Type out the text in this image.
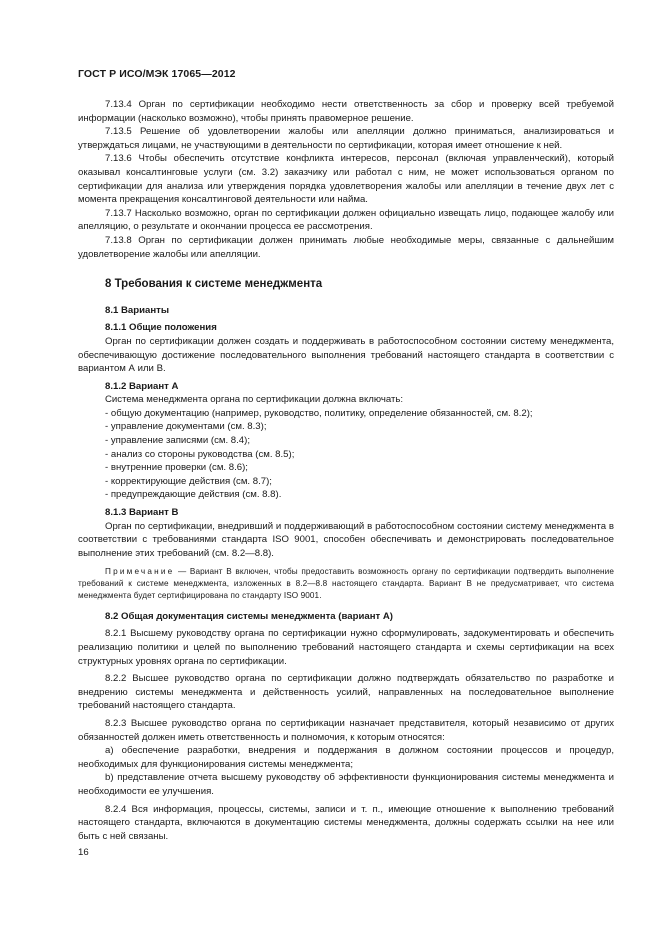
ГОСТ Р ИСО/МЭК 17065—2012

7.13.4 Орган по сертификации необходимо нести ответственность за сбор и проверку всей требуемой информации (насколько возможно), чтобы принять правомерное решение.

7.13.5 Решение об удовлетворении жалобы или апелляции должно приниматься, анализироваться и утверждаться лицами, не участвующими в деятельности по сертификации, которая имеет отношение к ней.

7.13.6 Чтобы обеспечить отсутствие конфликта интересов, персонал (включая управленческий), который оказывал консалтинговые услуги (см. 3.2) заказчику или работал с ним, не может использоваться органом по сертификации для анализа или утверждения порядка удовлетворения жалобы или апелляции в течение двух лет с момента прекращения консалтинговой деятельности или найма.

7.13.7 Насколько возможно, орган по сертификации должен официально извещать лицо, подающее жалобу или апелляцию, о результате и окончании процесса ее рассмотрения.

7.13.8 Орган по сертификации должен принимать любые необходимые меры, связанные с дальнейшим удовлетворение жалобы или апелляции.

8 Требования к системе менеджмента

8.1 Варианты

8.1.1 Общие положения

Орган по сертификации должен создать и поддерживать в работоспособном состоянии систему менеджмента, обеспечивающую достижение последовательного выполнения требований настоящего стандарта в соответствии с вариантом А или В.

8.1.2 Вариант А

Система менеджмента органа по сертификации должна включать:

- общую документацию (например, руководство, политику, определение обязанностей, см. 8.2);

- управление документами (см. 8.3);

- управление записями (см. 8.4);

- анализ со стороны руководства (см. 8.5);

- внутренние проверки (см. 8.6);

- корректирующие действия (см. 8.7);

- предупреждающие действия (см. 8.8).

8.1.3 Вариант В

Орган по сертификации, внедривший и поддерживающий в работоспособном состоянии систему менеджмента в соответствии с требованиями стандарта ISO 9001, способен обеспечивать и демонстрировать последовательное выполнение этих требований (см. 8.2—8.8).

Примечание — Вариант В включен, чтобы предоставить возможность органу по сертификации подтвердить выполнение требований к системе менеджмента, изложенных в 8.2—8.8 настоящего стандарта. Вариант В не предусматривает, что система менеджмента будет сертифицирована по стандарту ISO 9001.

8.2 Общая документация системы менеджмента (вариант А)

8.2.1 Высшему руководству органа по сертификации нужно сформулировать, задокументировать и обеспечить реализацию политики и целей по выполнению требований настоящего стандарта и схемы сертификации на всех структурных уровнях органа по сертификации.

8.2.2 Высшее руководство органа по сертификации должно подтверждать обязательство по разработке и внедрению системы менеджмента и действенность усилий, направленных на последовательное выполнение требований настоящего стандарта.

8.2.3 Высшее руководство органа по сертификации назначает представителя, который независимо от других обязанностей должен иметь ответственность и полномочия, к которым относятся:

а) обеспечение разработки, внедрения и поддержания в должном состоянии процессов и процедур, необходимых для функционирования системы менеджмента;

b) представление отчета высшему руководству об эффективности функционирования системы менеджмента и необходимости ее улучшения.

8.2.4 Вся информация, процессы, системы, записи и т. п., имеющие отношение к выполнению требований настоящего стандарта, включаются в документацию системы менеджмента, должны содержать ссылки на нее или быть с ней связаны.

16
